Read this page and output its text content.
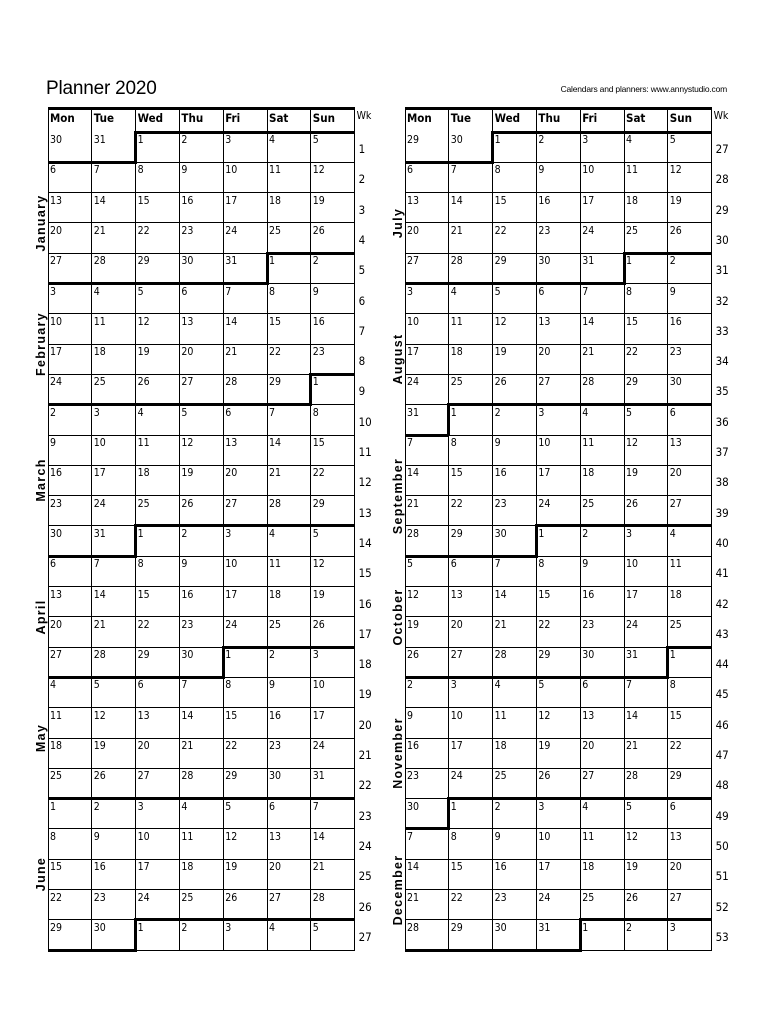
Planner 2020	Calendars and planners: www.annystudio.com
Mon	Tue	Wed	Thu	Fri	Sat	Sun	Wk
30	31	1	2	3	4	5
1
6	7	8	9	10	11	12
2
13	14	15	16	17	18	19
3
20	21	22	23	24	25	26
4
27	28	29	30	31	1	2
5
3	4	5	6	7	8	9
6
10	11	12	13	14	15	16
7
17	18	19	20	21	22	23
8
24	25	26	27	28	29	1
9
2	3	4	5	6	7	8
10
9	10	11	12	13	14	15
11
16	17	18	19	20	21	22
12
23	24	25	26	27	28	29
13
30	31	1	2	3	4	5
14
6	7	8	9	10	11	12
15
13	14	15	16	17	18	19
16
20	21	22	23	24	25	26
17
27	28	29	30	1	2	3
18
4	5	6	7	8	9	10
19
11	12	13	14	15	16	17
20
18	19	20	21	22	23	24
21
25	26	27	28	29	30	31
22
1	2	3	4	5	6	7
23
8	9	10	11	12	13	14
24
15	16	17	18	19	20	21
25
22	23	24	25	26	27	28
26
29	30	1	2	3	4	5
27
January
February
March
April
May
June
Mon	Tue	Wed	Thu	Fri	Sat	Sun	Wk
29	30	1	2	3	4	5
27
6	7	8	9	10	11	12
28
13	14	15	16	17	18	19
29
20	21	22	23	24	25	26
30
27	28	29	30	31	1	2
31
3	4	5	6	7	8	9
32
10	11	12	13	14	15	16
33
17	18	19	20	21	22	23
34
24	25	26	27	28	29	30
35
31	1	2	3	4	5	6
36
7	8	9	10	11	12	13
37
14	15	16	17	18	19	20
38
21	22	23	24	25	26	27
39
28	29	30	1	2	3	4
40
5	6	7	8	9	10	11
41
12	13	14	15	16	17	18
42
19	20	21	22	23	24	25
43
26	27	28	29	30	31	1
44
2	3	4	5	6	7	8
45
9	10	11	12	13	14	15
46
16	17	18	19	20	21	22
47
23	24	25	26	27	28	29
48
30	1	2	3	4	5	6
49
7	8	9	10	11	12	13
50
14	15	16	17	18	19	20
51
21	22	23	24	25	26	27
52
28	29	30	31	1	2	3
53
July
August
September
October
November
December
